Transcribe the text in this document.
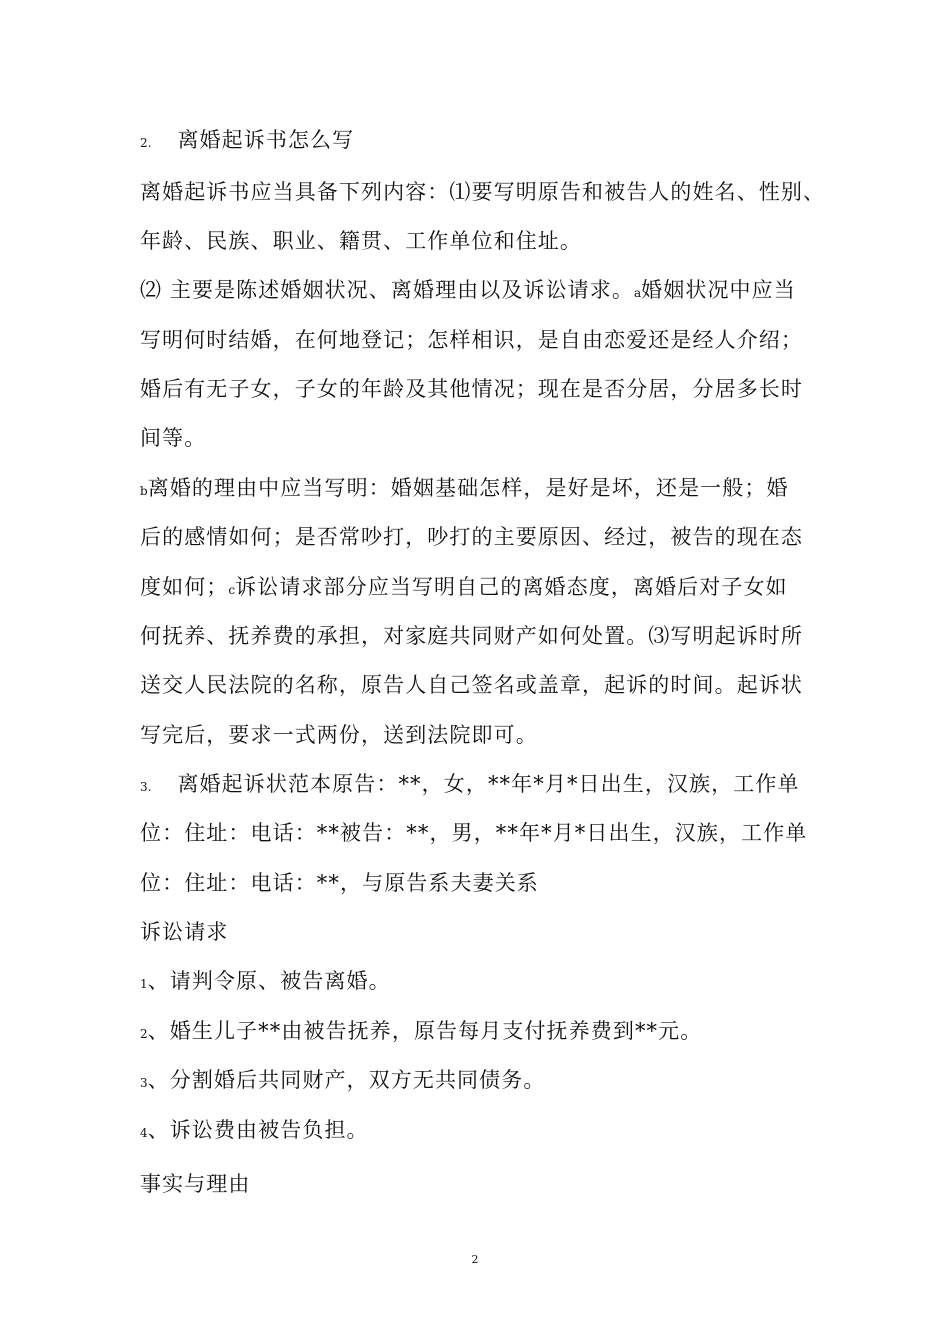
2. 离婚起诉书怎么写
离婚起诉书应当具备下列内容：⑴要写明原告和被告人的姓名、性别、
年龄、民族、职业、籍贯、工作单位和住址。
⑵ 主要是陈述婚姻状况、离婚理由以及诉讼请求。a婚姻状况中应当
写明何时结婚，在何地登记；怎样相识，是自由恋爱还是经人介绍；
婚后有无子女，子女的年龄及其他情况；现在是否分居，分居多长时
间等。
b离婚的理由中应当写明：婚姻基础怎样，是好是坏，还是一般；婚
后的感情如何；是否常吵打，吵打的主要原因、经过，被告的现在态
度如何；c诉讼请求部分应当写明自己的离婚态度，离婚后对子女如
何抚养、抚养费的承担，对家庭共同财产如何处置。⑶写明起诉时所
送交人民法院的名称，原告人自己签名或盖章，起诉的时间。起诉状
写完后，要求一式两份，送到法院即可。
3. 离婚起诉状范本原告：**，女，**年*月*日出生，汉族，工作单
位：住址：电话：**被告：**，男，**年*月*日出生，汉族，工作单
位：住址：电话：**，与原告系夫妻关系
诉讼请求
1、请判令原、被告离婚。
2、婚生儿子**由被告抚养，原告每月支付抚养费到**元。
3、分割婚后共同财产，双方无共同债务。
4、诉讼费由被告负担。
事实与理由
2
